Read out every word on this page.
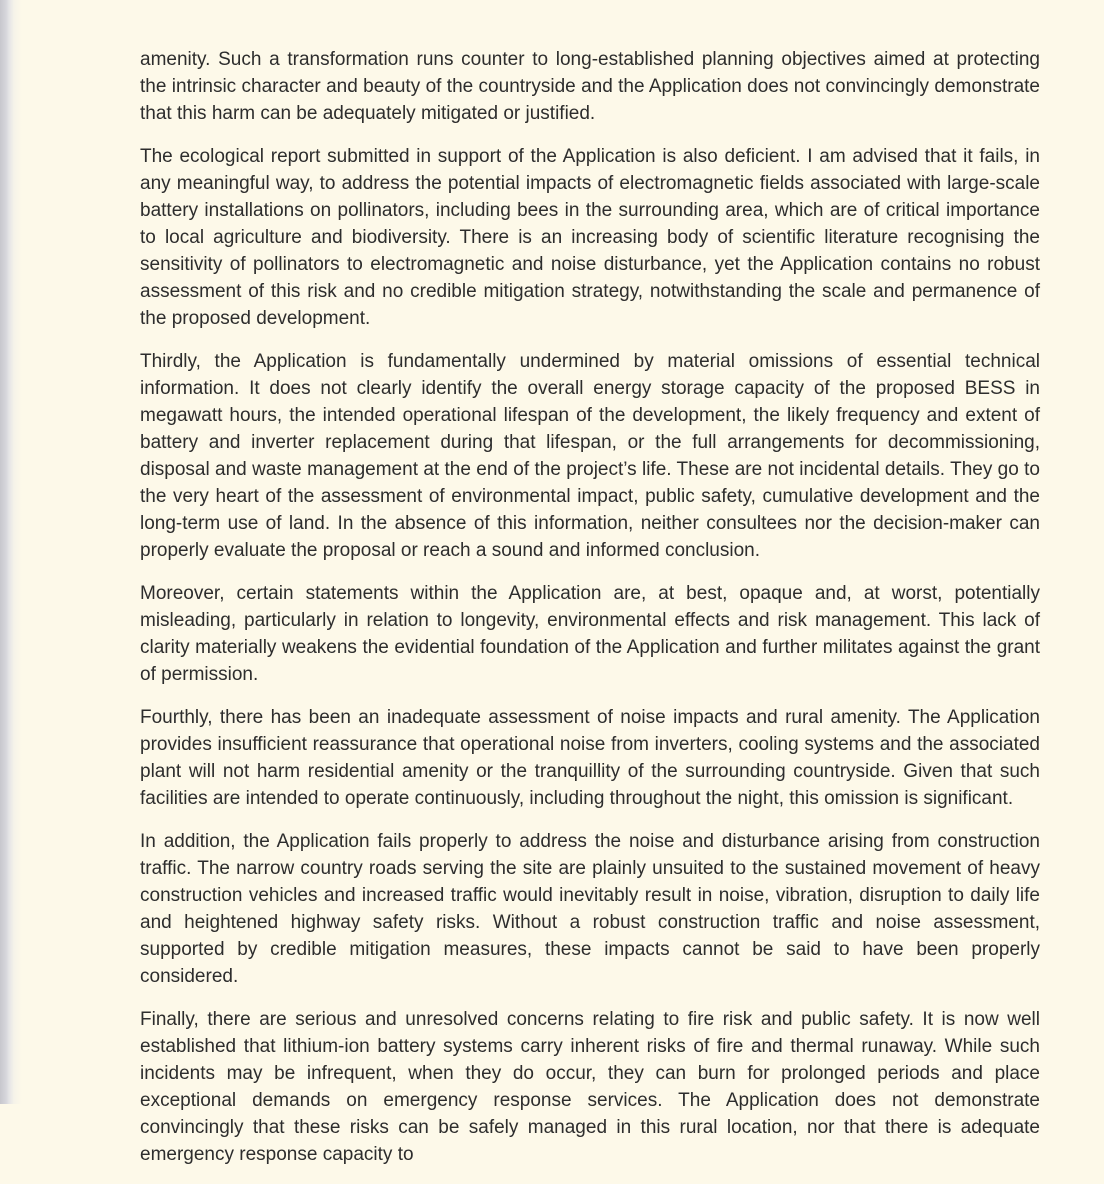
amenity. Such a transformation runs counter to long-established planning objectives aimed at protecting the intrinsic character and beauty of the countryside and the Application does not convincingly demonstrate that this harm can be adequately mitigated or justified.

The ecological report submitted in support of the Application is also deficient. I am advised that it fails, in any meaningful way, to address the potential impacts of electromagnetic fields associated with large-scale battery installations on pollinators, including bees in the surrounding area, which are of critical importance to local agriculture and biodiversity. There is an increasing body of scientific literature recognising the sensitivity of pollinators to electromagnetic and noise disturbance, yet the Application contains no robust assessment of this risk and no credible mitigation strategy, notwithstanding the scale and permanence of the proposed development.

Thirdly, the Application is fundamentally undermined by material omissions of essential technical information. It does not clearly identify the overall energy storage capacity of the proposed BESS in megawatt hours, the intended operational lifespan of the development, the likely frequency and extent of battery and inverter replacement during that lifespan, or the full arrangements for decommissioning, disposal and waste management at the end of the project’s life. These are not incidental details. They go to the very heart of the assessment of environmental impact, public safety, cumulative development and the long-term use of land. In the absence of this information, neither consultees nor the decision-maker can properly evaluate the proposal or reach a sound and informed conclusion.

Moreover, certain statements within the Application are, at best, opaque and, at worst, potentially misleading, particularly in relation to longevity, environmental effects and risk management. This lack of clarity materially weakens the evidential foundation of the Application and further militates against the grant of permission.

Fourthly, there has been an inadequate assessment of noise impacts and rural amenity. The Application provides insufficient reassurance that operational noise from inverters, cooling systems and the associated plant will not harm residential amenity or the tranquillity of the surrounding countryside. Given that such facilities are intended to operate continuously, including throughout the night, this omission is significant.

In addition, the Application fails properly to address the noise and disturbance arising from construction traffic. The narrow country roads serving the site are plainly unsuited to the sustained movement of heavy construction vehicles and increased traffic would inevitably result in noise, vibration, disruption to daily life and heightened highway safety risks. Without a robust construction traffic and noise assessment, supported by credible mitigation measures, these impacts cannot be said to have been properly considered.

Finally, there are serious and unresolved concerns relating to fire risk and public safety. It is now well established that lithium-ion battery systems carry inherent risks of fire and thermal runaway. While such incidents may be infrequent, when they do occur, they can burn for prolonged periods and place exceptional demands on emergency response services. The Application does not demonstrate convincingly that these risks can be safely managed in this rural location, nor that there is adequate emergency response capacity to
